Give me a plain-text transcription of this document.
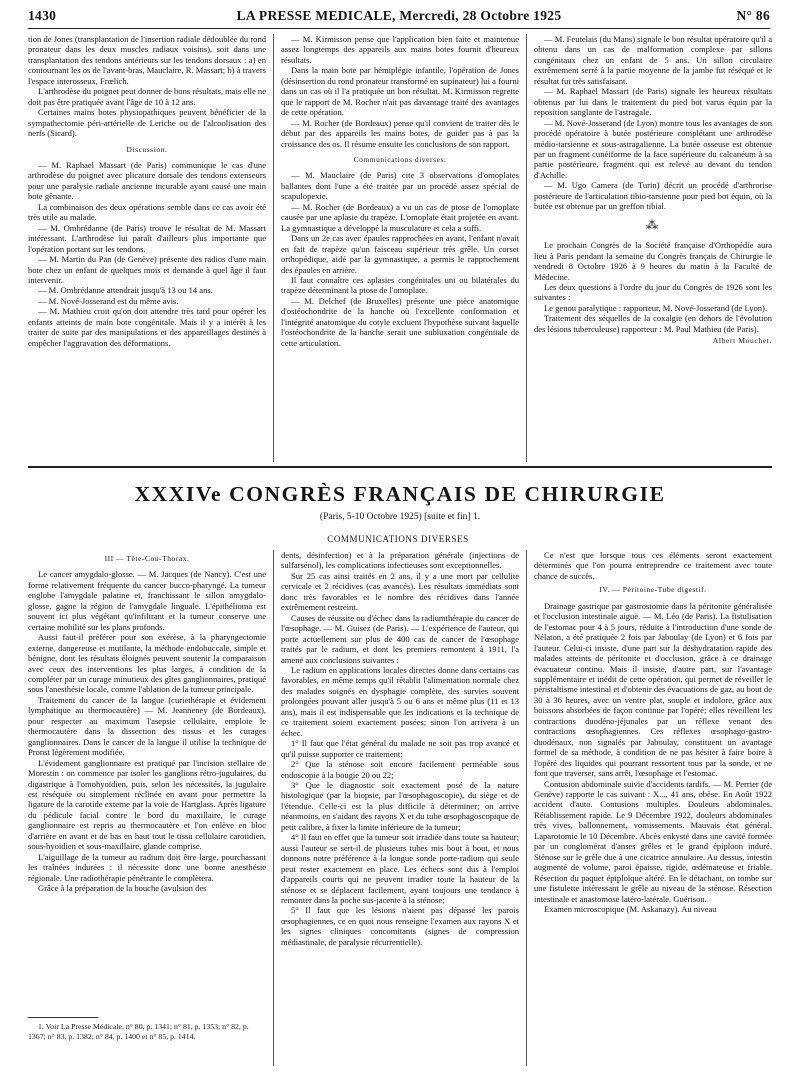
1430	LA PRESSE MEDICALE, Mercredi, 28 Octobre 1925	N° 86

tion de Jones (transplantation de l'insertion radiale dédoublée du rond pronateur dans les deux muscles radiaux voisins), soit dans une transplantation des tendons antérieurs sur les tendons dorsaux : a) en contournant les os de l'avant-bras, Mauclaire, R. Massart; b) à travers l'espace interosseux, Frœlich.

L'arthrodèse du poignet peut donner de bons résultats, mais elle ne doit pas être pratiquée avant l'âge de 10 à 12 ans.

Certaines mains botes physiopathiques peuvent bénéficier de la sympathectomie péri-artérielle de Leriche ou de l'alcoolisation des nerfs (Sicard).

Discussion.

— M. Raphael Massart (de Paris) communique le cas d'une arthrodèse du poignet avec plicature dorsale des tendons extenseurs pour une paralysie radiale ancienne incurable ayant causé une main bote gênante.

La combinaison des deux opérations semble dans ce cas avoir été très utile au malade.

— M. Ombrédanne (de Paris) trouve le résultat de M. Massart intéressant. L'arthrodèse lui paraît d'ailleurs plus importante que l'opération portant sur les tendons.

— M. Martin du Pan (de Genève) présente des radios d'une main bote chez un enfant de quelques mois et demande à quel âge il faut intervenir.

— M. Ombrédanne attendrait jusqu'à 13 ou 14 ans.

— M. Nové-Josserand est du même avis.

— M. Mathieu croit qu'on doit attendre très tard pour opérer les enfants atteints de main bote congénitale. Mais il y a intérêt à les traiter de suite par des manipulations et des appareillages destinés à empêcher l'aggravation des déformations.

— M. Kirmisson pense que l'application bien faite et maintenue assez longtemps des appareils aux mains botes fournit d'heureux résultats.

Dans la main bote par hémiplégie infantile, l'opération de Jones (désinsertion du rond pronateur transformé en supinateur) lui a fourni dans un cas où il l'a pratiquée un bon résultat. M. Kirmisson regrette que le rapport de M. Rocher n'ait pas davantage traité des avantages de cette opération.

— M. Rocher (de Bordeaux) pense qu'il convient de traiter dès le début par des appareils les mains botes, de guider pas à pas la croissance des os. Il résume ensuite les conclusions de son rapport.

Communications diverses.

— M. Mauclaire (de Paris) cite 3 observations d'omoplates ballantes dont l'une a été traitée par un procédé assez spécial de scapulopexie.

— M. Rocher (de Bordeaux) a vu un cas de ptose de l'omoplate causée par une aplasie du trapèze. L'omoplate était projetée en avant. La gymnastique a développé la musculature et cela a suffi.

Dans un 2e cas avec épaules rapprochées en avant, l'enfant n'avait en fait de trapèze qu'un faisceau supérieur très grêle. Un corset orthopédique, aidé par la gymnastique, a permis le rapprochement des épaules en arrière.

Il faut connaître ces aplasies congénitales uni ou bilatérales du trapèze déterminant la ptose de l'omoplate.

— M. Delchef (de Bruxelles) présente une pièce anatomique d'ostéochondrite de la hanche où l'excellente conformation et l'intégrité anatomique du cotyle excluent l'hypothèse suivant laquelle l'ostéochondrite de la hanche serait une subluxation congénitale de cette articulation.

— M. Feutelais (du Mans) signale le bon résultat opératoire qu'il a obtenu dans un cas de malformation complexe par sillons congénitaux chez un enfant de 5 ans. Un sillon circulaire extrêmement serré à la partie moyenne de la jambe fut réséqué et le résultat fut très satisfaisant.

— M. Raphael Massart (de Paris) signale les heureux résultats obtenus par lui dans le traitement du pied bot varus équin par la reposition sanglante de l'astragale.

— M. Nové-Josserand (de Lyon) montre tous les avantages de son procédé opératoire à butée postérieure complétant une arthrodèse médio-tarsienne et sous-astragalienne. La butée osseuse est obtenue par un fragment cunéiforme de la face supérieure du calcanéum à sa partie postérieure, fragment qui est relevé au devant du tendon d'Achille.

— M. Ugo Camera (de Turin) décrit un procédé d'arthrorise postérieure de l'articulation tibio-tarsienne pour pied bot équin, où la butée est obtenue par un greffon tibial.

⁂

Le prochain Congrès de la Société française d'Orthopédie aura lieu à Paris pendant la semaine du Congrès français de Chirurgie le vendredi 8 Octobre 1926 à 9 heures du matin à la Faculté de Médecine.

Les deux questions à l'ordre du jour du Congrès de 1926 sont les suivantes :

Le genou paralytique : rapporteur, M. Nové-Josserand (de Lyon).

Traitement des séquelles de la coxalgie (en dehors de l'évolution des lésions tuberculeuse) rapporteur : M. Paul Mathieu (de Paris).

Albert Mouchet.
XXXIVe CONGRÈS FRANÇAIS DE CHIRURGIE
(Paris, 5-10 Octobre 1925) [suite et fin] 1.
COMMUNICATIONS DIVERSES

III — Tête-Cou-Thorax.

Le cancer amygdalo-glosse. — M. Jacques (de Nancy). C'est une forme relativement fréquente du cancer bucco-pharyngé. La tumeur englobe l'amygdale palatine et, franchissant le sillon amygdalo-glosse, gagne la région de l'amygdale linguale. L'épithélioma est souvent ici plus végétant qu'infiltrant et la tumeur conserve une certaine mobilité sur les plans profonds.

Aussi faut-il préférer pour son exérèse, à la pharyngectomie externe, dangereuse et mutilante, la méthode endobuccale, simple et bénigne, dont les résultats éloignés peuvent soutenir la comparaison avec ceux des interventions les plus larges, à condition de la compléter par un curage minutieux des gîtes ganglionnaires, pratiqué sous l'anesthésie locale, comme l'ablation de la tumeur principale.

Traitement du cancer de la langue (curiethérapie et évidement lymphatique au thermocautère) — M. Jeanneney (de Bordeaux), pour respecter au maximum l'asepsie cellulaire, emploie le thermocautère dans la dissection des tissus et les curages ganglionnaires. Dans le cancer de la langue il utilise la technique de Pronst légèrement modifiée.

L'évidement ganglionnaire est pratiqué par l'incision stellaire de Morestin : on commence par isoler les ganglions rétro-jugulaires, du digastrique à l'omohyoïdien, puis, selon les nécessités, la jugulaire est réséquée ou simplement réclinée en avant pour permettre la ligature de la carotide externe par la voie de Hartglass. Après ligature du pédicule facial contre le bord du maxillaire, le curage ganglionnaire est repris au thermocautère et l'on enlève en bloc d'arrière en avant et de bas en haut tout le tissu cellulaire carotidien, sous-hyoïdien et sous-maxillaire, glande comprise.

L'aiguillage de la tumeur au radium doit être large, pourchassant les traînées indurées : il nécessite donc une bonne anesthésie régionale. Une radiothérapie pénétrante le complètera.

Grâce à la préparation de la bouche (avulsion des

1. Voir La Presse Médicale, n° 80, p. 1341; n° 81, p. 1353; n° 82, p. 1367; n° 83, p. 1382; n° 84, p. 1400 et n° 85, p. 1414.

dents, désinfection) et à la préparation générale (injections de sulfarsénol), les complications infectieuses sont exceptionnelles.

Sur 25 cas ainsi traités en 2 ans, il y a une mort par cellulite cervicale et 2 récidives (cas avancés). Les résultats immédiats sont donc très favorables et le nombre des récidives dans l'année extrêmement restreint.

Causes de réussite ou d'échec dans la radiumthérapie du cancer de l'œsophage. — M. Guisez (de Paris). — L'expérience de l'auteur, qui porte actuellement sur plus de 400 cas de cancer de l'œsophage traités par le radium, et dont les premiers remontent à 1911, l'a amené aux conclusions suivantes :

Le radium en applications locales directes donne dans certains cas favorables, en même temps qu'il rétablit l'alimentation normale chez des malades soignés en dysphagie complète, des survies souvent prolongées pouvant aller jusqu'à 5 ou 6 ans et même plus (11 et 13 ans), mais il est indispensable que les indications et la technique de ce traitement soient exactement posées; sinon l'on arrivera à un échec.

1° Il faut que l'état général du malade ne soit pas trop avancé et qu'il puisse supporter ce traitement;

2° Que la sténose soit encore facilement perméable sous endoscopie à la bougie 20 ou 22;

3° Que le diagnostic soit exactement posé de la nature histologique (par la biopsie, par l'œsophagoscopie), du siège et de l'étendue. Celle-ci est la plus difficile à déterminer; on arrive néanmoins, en s'aidant des rayons X et du tube œsophagoscopique de petit calibre, à fixer la limite inférieure de la tumeur;

4° Il faut en effet que la tumeur soit irradiée dans toute sa hauteur; aussi l'auteur se sert-il de plusieurs tubes mis bout à bout, et nous donnons notre préférence à la longue sonde porte-radium qui seule peut rester exactement en place. Les échecs sont dus à l'emploi d'appareils courts qui ne peuvent irradier toute la hauteur de la sténose et se déplacent facilement, ayant toujours une tendance à remonter dans la poche sus-jacente à la sténose;

5° Il faut que les lésions n'aient pas dépassé les parois œsophagiennes, ce en quoi nous renseigne l'examen aux rayons X et les signes cliniques concomitants (signes de compression médiastinale, de paralysie récurrentielle).

Ce n'est que lorsque tous ces éléments seront exactement déterminés que l'on pourra entreprendre ce traitement avec toute chance de succès.

IV. — Péritoine-Tube digestif.

Drainage gastrique par gastrostomie dans la péritonite généralisée et l'occlusion intestinale aiguë. — M. Léo (de Paris). La fistulisation de l'estomac pour 4 à 5 jours, réduite à l'introduction d'une sonde de Nélaton, a été pratiquée 2 fois par Jaboulay (de Lyon) et 6 fois par l'auteur. Celui-ci insiste, d'une part sur la déshydratation rapide des malades atteints de péritonite et d'occlusion, grâce à ce drainage évacuateur continu. Mais il insiste, d'autre part, sur l'avantage supplémentaire et inédit de cette opération, qui permet de réveiller le péristaltisme intestinal et d'obtenir des évacuations de gaz, au bout de 30 à 36 heures, avec un ventre plat, souple et indolore, grâce aux boissons absorbées de façon continue par l'opéré; elles réveillent les contractions duodéno-jéjunales par un réflexe venant des contractions œsophagiennes. Ces réflexes œsophago-gastro-duodénaux, non signalés par Jaboulay, constituent un avantage formel de sa méthode, à condition de ne pas hésiter à faire boire à l'opéré des liquides qui pourrant ressortent tous par la sonde, et ne font que traverser, sans arrêt, l'œsophage et l'estomac.

Contusion abdominale suivie d'accidents tardifs. — M. Perrier (de Genève) rapporte le cas suivant : X..., 41 ans, obèse. En Août 1922 accident d'auto. Contusions multiples. Douleurs abdominales. Rétablissement rapide. Le 9 Décembre 1922, douleurs abdominales très vives, ballonnement, vomissements. Mauvais état général. Laparotomie le 10 Décembre. Abcès enkysté dans une cavité formée par un conglomérat d'anses grêles et le grand épiploon induré. Sténose sur le grêle due à une cicatrice annulaire. Au dessus, intestin augmenté de volume, paroi épaisse, rigide, œdémateuse et friable. Résection du paquet épiploïque altéré. En le détachant, on tombe sur une fistulette intéressant le grêle au niveau de la sténose. Résection intestinale et anastomose latéro-latérale. Guérison.

Examen microscopique (M. Askanazy). Au niveau
